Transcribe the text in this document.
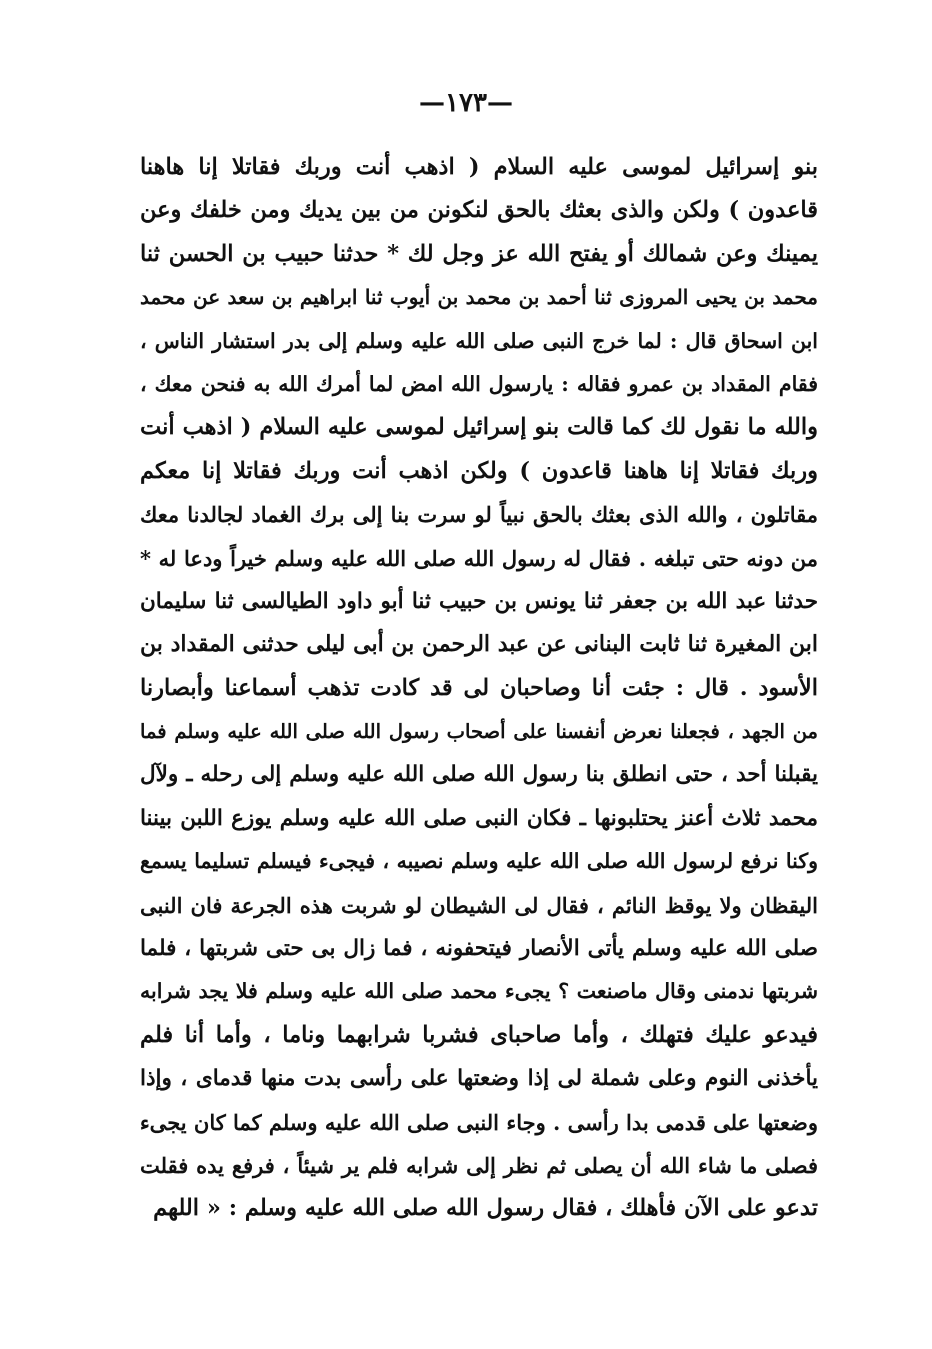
—١٧٣—
بنو إسرائيل لموسى عليه السلام ( اذهب أنت وربك فقاتلا إنا هاهنا
قاعدون ) ولكن والذى بعثك بالحق لنكونن من بين يديك ومن خلفك وعن
يمينك وعن شمالك أو يفتح الله عز وجل لك * حدثنا حبيب بن الحسن ثنا
محمد بن يحيى المروزى ثنا أحمد بن محمد بن أيوب ثنا ابراهيم بن سعد عن محمد
ابن اسحاق قال : لما خرج النبى صلى الله عليه وسلم إلى بدر استشار الناس ،
فقام المقداد بن عمرو فقاله : يارسول الله امض لما أمرك الله به فنحن معك ،
والله ما نقول لك كما قالت بنو إسرائيل لموسى عليه السلام ( اذهب أنت
وربك فقاتلا إنا هاهنا قاعدون ) ولكن اذهب أنت وربك فقاتلا إنا معكم
مقاتلون ، والله الذى بعثك بالحق نبياً لو سرت بنا إلى برك الغماد لجالدنا معك
من دونه حتى تبلغه . فقال له رسول الله صلى الله عليه وسلم خيراً ودعا له *
حدثنا عبد الله بن جعفر ثنا يونس بن حبيب ثنا أبو داود الطيالسى ثنا سليمان
ابن المغيرة ثنا ثابت البنانى عن عبد الرحمن بن أبى ليلى حدثنى المقداد بن
الأسود . قال : جئت أنا وصاحبان لى قد كادت تذهب أسماعنا وأبصارنا
من الجهد ، فجعلنا نعرض أنفسنا على أصحاب رسول الله صلى الله عليه وسلم فما
يقبلنا أحد ، حتى انطلق بنا رسول الله صلى الله عليه وسلم إلى رحله ـ ولآل
محمد ثلاث أعنز يحتلبونها ـ فكان النبى صلى الله عليه وسلم يوزع اللبن بيننا
وكنا نرفع لرسول الله صلى الله عليه وسلم نصيبه ، فيجىء فيسلم تسليما يسمع
اليقظان ولا يوقظ النائم ، فقال لى الشيطان لو شربت هذه الجرعة فان النبى
صلى الله عليه وسلم يأتى الأنصار فيتحفونه ، فما زال بى حتى شربتها ، فلما
شربتها ندمنى وقال ماصنعت ؟ يجىء محمد صلى الله عليه وسلم فلا يجد شرابه
فيدعو عليك فتهلك ، وأما صاحباى فشربا شرابهما وناما ، وأما أنا فلم
يأخذنى النوم وعلى شملة لى إذا وضعتها على رأسى بدت منها قدماى ، وإذا
وضعتها على قدمى بدا رأسى . وجاء النبى صلى الله عليه وسلم كما كان يجىء
فصلى ما شاء الله أن يصلى ثم نظر إلى شرابه فلم ير شيئاً ، فرفع يده فقلت
تدعو على الآن فأهلك ، فقال رسول الله صلى الله عليه وسلم : « اللهم
